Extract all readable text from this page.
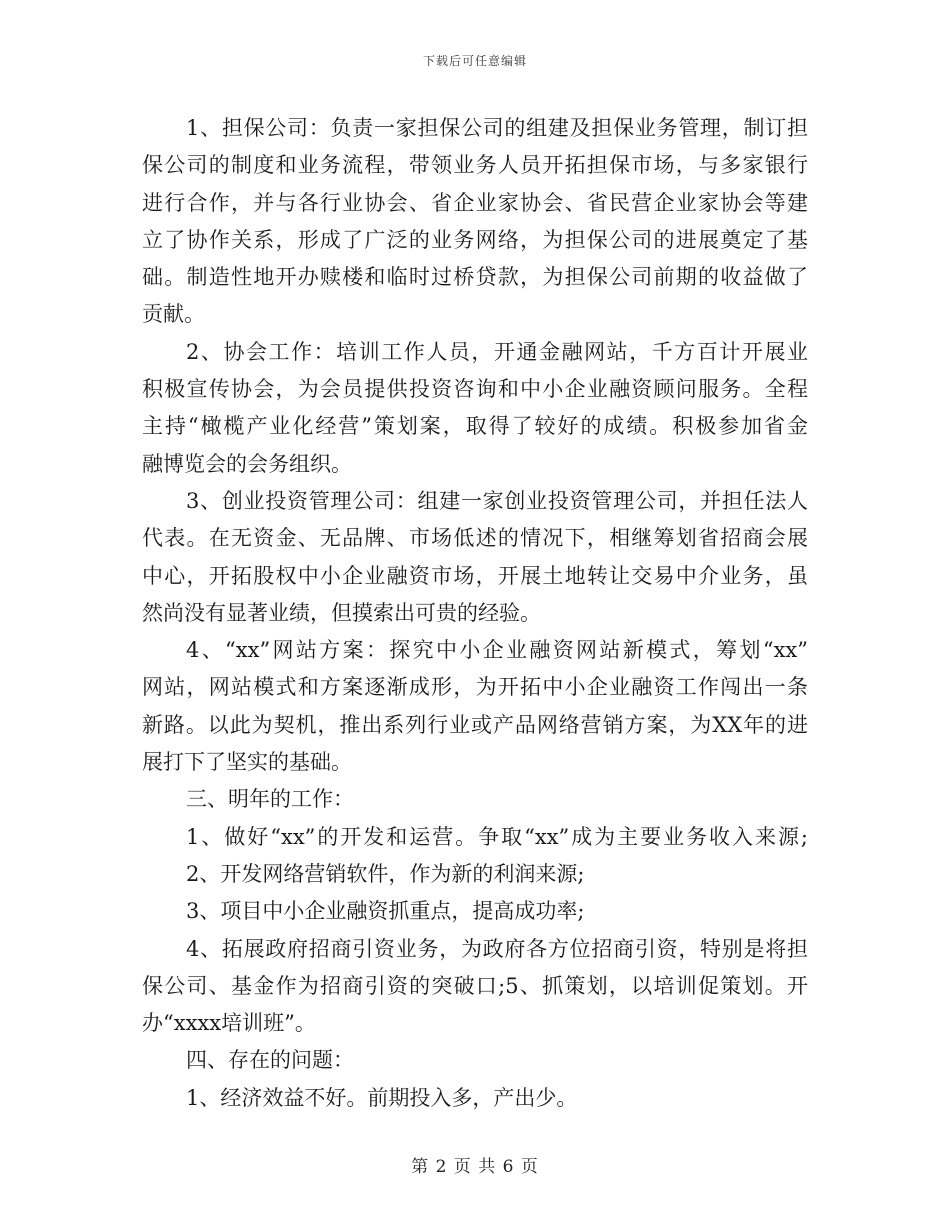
下载后可任意编辑
1、担保公司：负责一家担保公司的组建及担保业务管理，制订担
保公司的制度和业务流程，带领业务人员开拓担保市场，与多家银行
进行合作，并与各行业协会、省企业家协会、省民营企业家协会等建
立了协作关系，形成了广泛的业务网络，为担保公司的进展奠定了基
础。制造性地开办赎楼和临时过桥贷款，为担保公司前期的收益做了
贡献。
2、协会工作：培训工作人员，开通金融网站，千方百计开展业
积极宣传协会，为会员提供投资咨询和中小企业融资顾问服务。全程
主持“橄榄产业化经营”策划案，取得了较好的成绩。积极参加省金
融博览会的会务组织。
3、创业投资管理公司：组建一家创业投资管理公司，并担任法人
代表。在无资金、无品牌、市场低述的情况下，相继筹划省招商会展
中心，开拓股权中小企业融资市场，开展土地转让交易中介业务，虽
然尚没有显著业绩，但摸索出可贵的经验。
4、“xx”网站方案：探究中小企业融资网站新模式，筹划“xx”
网站，网站模式和方案逐渐成形，为开拓中小企业融资工作闯出一条
新路。以此为契机，推出系列行业或产品网络营销方案，为XX年的进
展打下了坚实的基础。
三、明年的工作：
1、做好“xx”的开发和运营。争取“xx”成为主要业务收入来源;
2、开发网络营销软件，作为新的利润来源;
3、项目中小企业融资抓重点，提高成功率;
4、拓展政府招商引资业务，为政府各方位招商引资，特别是将担
保公司、基金作为招商引资的突破口;5、抓策划，以培训促策划。开
办“xxxx培训班”。
四、存在的问题：
1、经济效益不好。前期投入多，产出少。
第 2 页 共 6 页
